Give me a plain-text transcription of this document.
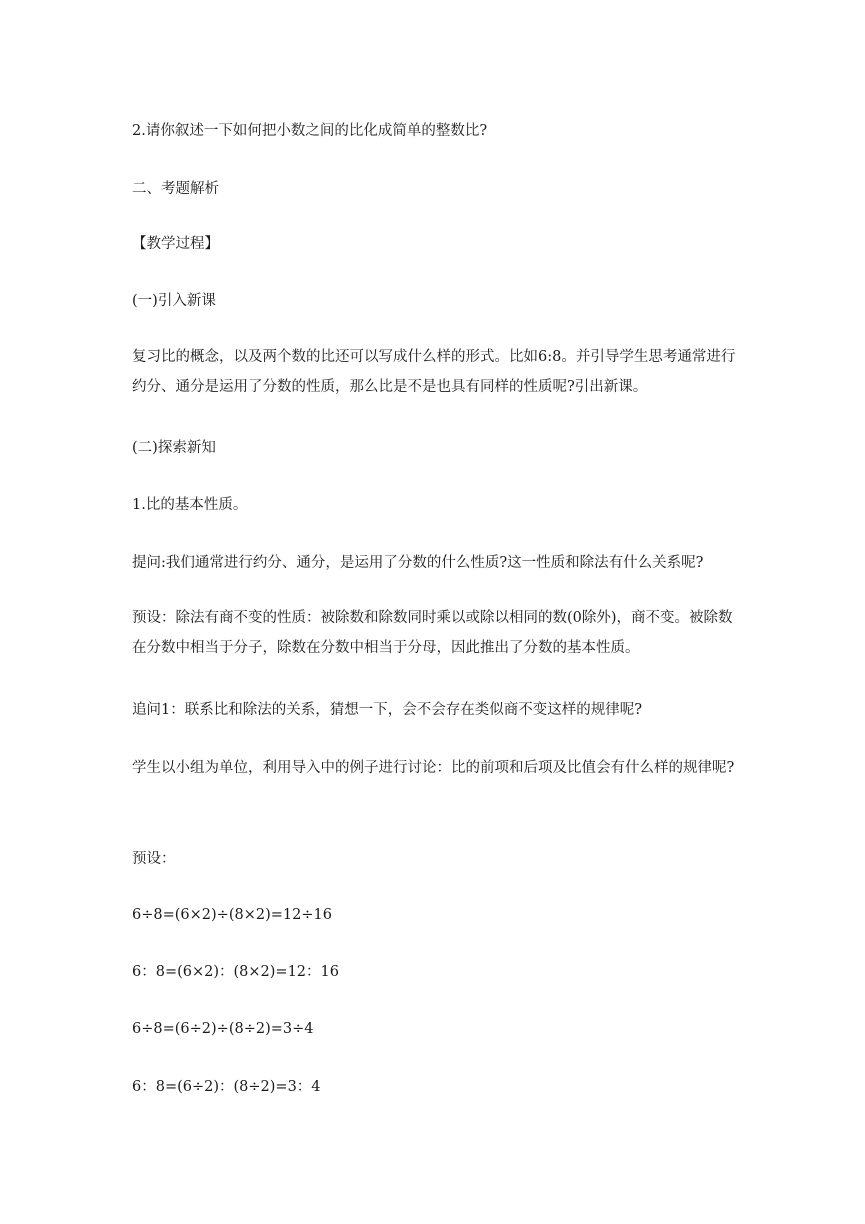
2.请你叙述一下如何把小数之间的比化成简单的整数比?

二、考题解析

【教学过程】

(一)引入新课

复习比的概念，以及两个数的比还可以写成什么样的形式。比如6:8。并引导学生思考通常进行约分、通分是运用了分数的性质，那么比是不是也具有同样的性质呢?引出新课。

(二)探索新知

1.比的基本性质。

提问:我们通常进行约分、通分，是运用了分数的什么性质?这一性质和除法有什么关系呢?

预设：除法有商不变的性质：被除数和除数同时乘以或除以相同的数(0除外)，商不变。被除数在分数中相当于分子，除数在分数中相当于分母，因此推出了分数的基本性质。

追问1：联系比和除法的关系，猜想一下，会不会存在类似商不变这样的规律呢?

学生以小组为单位，利用导入中的例子进行讨论：比的前项和后项及比值会有什么样的规律呢?

预设：

6÷8=(6×2)÷(8×2)=12÷16

6：8=(6×2)：(8×2)=12：16

6÷8=(6÷2)÷(8÷2)=3÷4

6：8=(6÷2)：(8÷2)=3：4
